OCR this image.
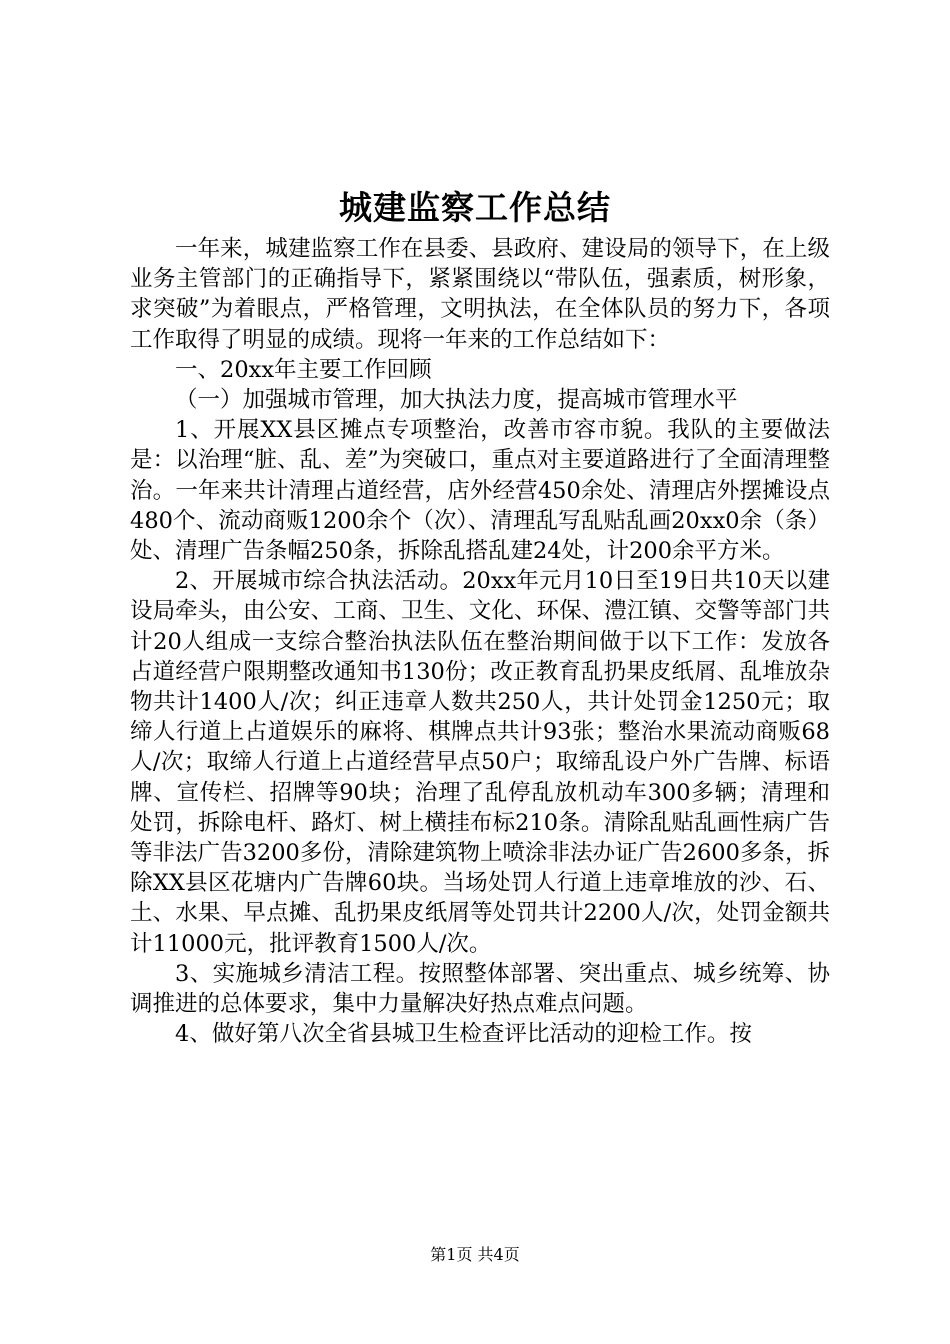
城建监察工作总结

一年来，城建监察工作在县委、县政府、建设局的领导下，在上级业务主管部门的正确指导下，紧紧围绕以“带队伍，强素质，树形象，求突破”为着眼点，严格管理，文明执法，在全体队员的努力下，各项工作取得了明显的成绩。现将一年来的工作总结如下：

一、20xx年主要工作回顾

（一）加强城市管理，加大执法力度，提高城市管理水平

1、开展XX县区摊点专项整治，改善市容市貌。我队的主要做法是：以治理“脏、乱、差”为突破口，重点对主要道路进行了全面清理整治。一年来共计清理占道经营，店外经营450余处、清理店外摆摊设点480个、流动商贩1200余个（次）、清理乱写乱贴乱画20xx0余（条）处、清理广告条幅250条，拆除乱搭乱建24处，计200余平方米。

2、开展城市综合执法活动。20xx年元月10日至19日共10天以建设局牵头，由公安、工商、卫生、文化、环保、澧江镇、交警等部门共计20人组成一支综合整治执法队伍在整治期间做于以下工作：发放各占道经营户限期整改通知书130份；改正教育乱扔果皮纸屑、乱堆放杂物共计1400人/次；纠正违章人数共250人，共计处罚金1250元；取缔人行道上占道娱乐的麻将、棋牌点共计93张；整治水果流动商贩68人/次；取缔人行道上占道经营早点50户；取缔乱设户外广告牌、标语牌、宣传栏、招牌等90块；治理了乱停乱放机动车300多辆；清理和处罚，拆除电杆、路灯、树上横挂布标210条。清除乱贴乱画性病广告等非法广告3200多份，清除建筑物上喷涂非法办证广告2600多条，拆除XX县区花塘内广告牌60块。当场处罚人行道上违章堆放的沙、石、土、水果、早点摊、乱扔果皮纸屑等处罚共计2200人/次，处罚金额共计11000元，批评教育1500人/次。

3、实施城乡清洁工程。按照整体部署、突出重点、城乡统筹、协调推进的总体要求，集中力量解决好热点难点问题。

4、做好第八次全省县城卫生检查评比活动的迎检工作。按

第1页 共4页
